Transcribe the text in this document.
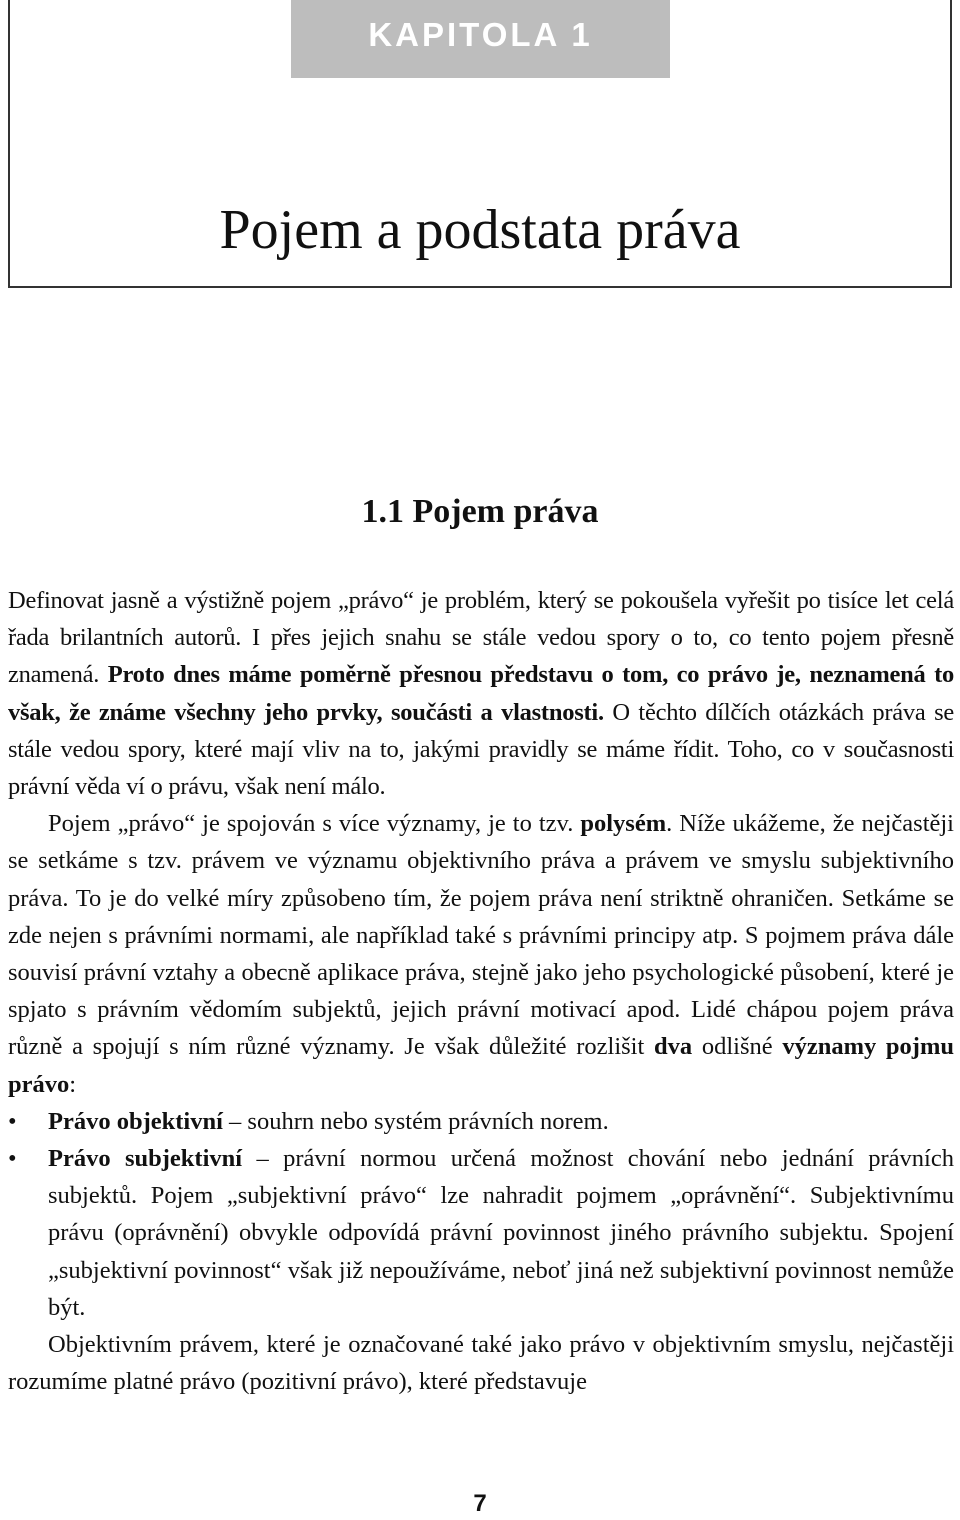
Pojem a podstata práva
KAPITOLA 1
1.1 Pojem práva

Definovat jasně a výstižně pojem „právo“ je problém, který se pokoušela vyřešit po tisíce let celá řada brilantních autorů. I přes jejich snahu se stále vedou spory o to, co tento pojem přesně znamená. Proto dnes máme poměrně přesnou představu o tom, co právo je, neznamená to však, že známe všechny jeho prvky, součásti a vlastnosti. O těchto dílčích otázkách práva se stále vedou spory, které mají vliv na to, jakými pravidly se máme řídit. Toho, co v současnosti právní věda ví o právu, však není málo.

Pojem „právo“ je spojován s více významy, je to tzv. polysém. Níže ukážeme, že nejčastěji se setkáme s tzv. právem ve významu objektivního práva a právem ve smyslu subjektivního práva. To je do velké míry způsobeno tím, že pojem práva není striktně ohraničen. Setkáme se zde nejen s právními normami, ale například také s právními principy atp. S pojmem práva dále souvisí právní vztahy a obecně aplikace práva, stejně jako jeho psychologické působení, které je spjato s právním vědomím subjektů, jejich právní motivací apod. Lidé chápou pojem práva různě a spojují s ním různé významy. Je však důležité rozlišit dva odlišné významy pojmu právo:

• Právo objektivní – souhrn nebo systém právních norem.
• Právo subjektivní – právní normou určená možnost chování nebo jednání právních subjektů. Pojem „subjektivní právo“ lze nahradit pojmem „oprávnění“. Subjektivnímu právu (oprávnění) obvykle odpovídá právní povinnost jiného právního subjektu. Spojení „subjektivní povinnost“ však již nepoužíváme, neboť jiná než subjektivní povinnost nemůže být.

Objektivním právem, které je označované také jako právo v objektivním smyslu, nejčastěji rozumíme platné právo (pozitivní právo), které představuje

7
